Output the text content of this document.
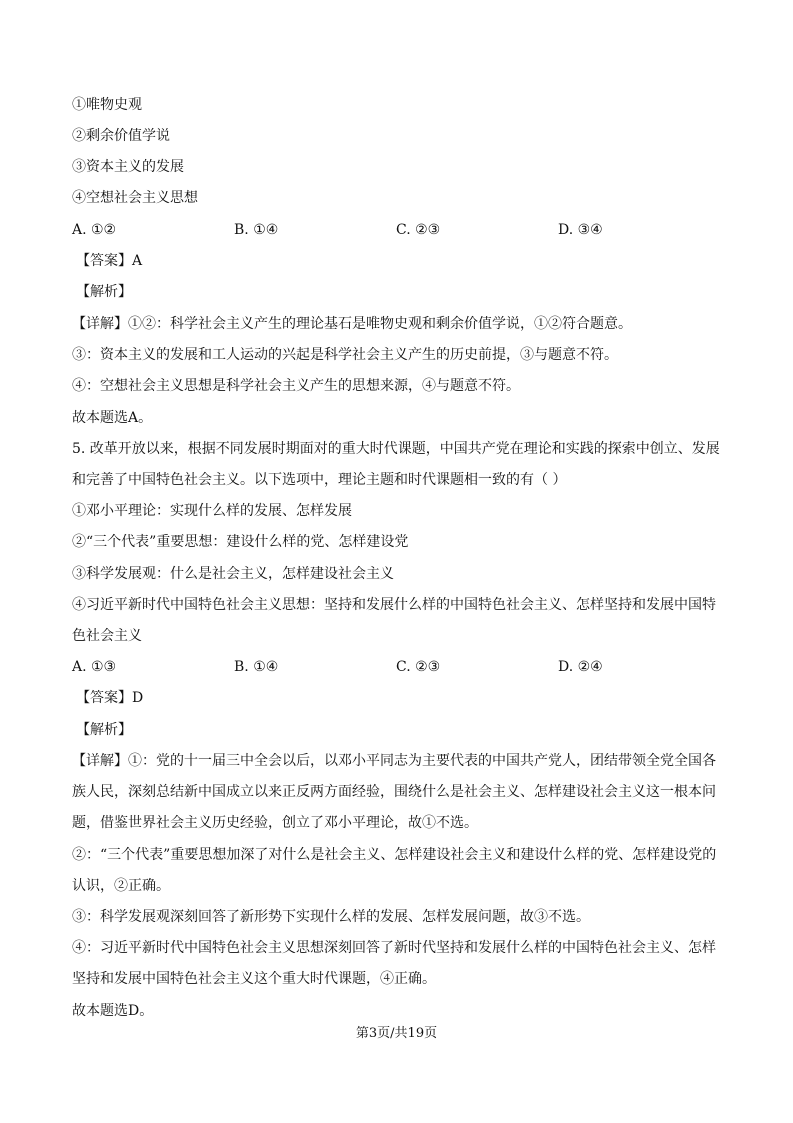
①唯物史观
②剩余价值学说
③资本主义的发展
④空想社会主义思想
A. ①②	B. ①④	C. ②③	D. ③④
【答案】A
【解析】
【详解】①②：科学社会主义产生的理论基石是唯物史观和剩余价值学说，①②符合题意。
③：资本主义的发展和工人运动的兴起是科学社会主义产生的历史前提，③与题意不符。
④：空想社会主义思想是科学社会主义产生的思想来源，④与题意不符。
故本题选A。
5. 改革开放以来，根据不同发展时期面对的重大时代课题，中国共产党在理论和实践的探索中创立、发展
和完善了中国特色社会主义。以下选项中，理论主题和时代课题相一致的有（ ）
①邓小平理论：实现什么样的发展、怎样发展
②“三个代表”重要思想：建设什么样的党、怎样建设党
③科学发展观：什么是社会主义，怎样建设社会主义
④习近平新时代中国特色社会主义思想：坚持和发展什么样的中国特色社会主义、怎样坚持和发展中国特
色社会主义
A. ①③	B. ①④	C. ②③	D. ②④
【答案】D
【解析】
【详解】①：党的十一届三中全会以后，以邓小平同志为主要代表的中国共产党人，团结带领全党全国各
族人民，深刻总结新中国成立以来正反两方面经验，围绕什么是社会主义、怎样建设社会主义这一根本问
题，借鉴世界社会主义历史经验，创立了邓小平理论，故①不选。
②：“三个代表”重要思想加深了对什么是社会主义、怎样建设社会主义和建设什么样的党、怎样建设党的
认识，②正确。
③：科学发展观深刻回答了新形势下实现什么样的发展、怎样发展问题，故③不选。
④：习近平新时代中国特色社会主义思想深刻回答了新时代坚持和发展什么样的中国特色社会主义、怎样
坚持和发展中国特色社会主义这个重大时代课题，④正确。
故本题选D。
第3页/共19页
